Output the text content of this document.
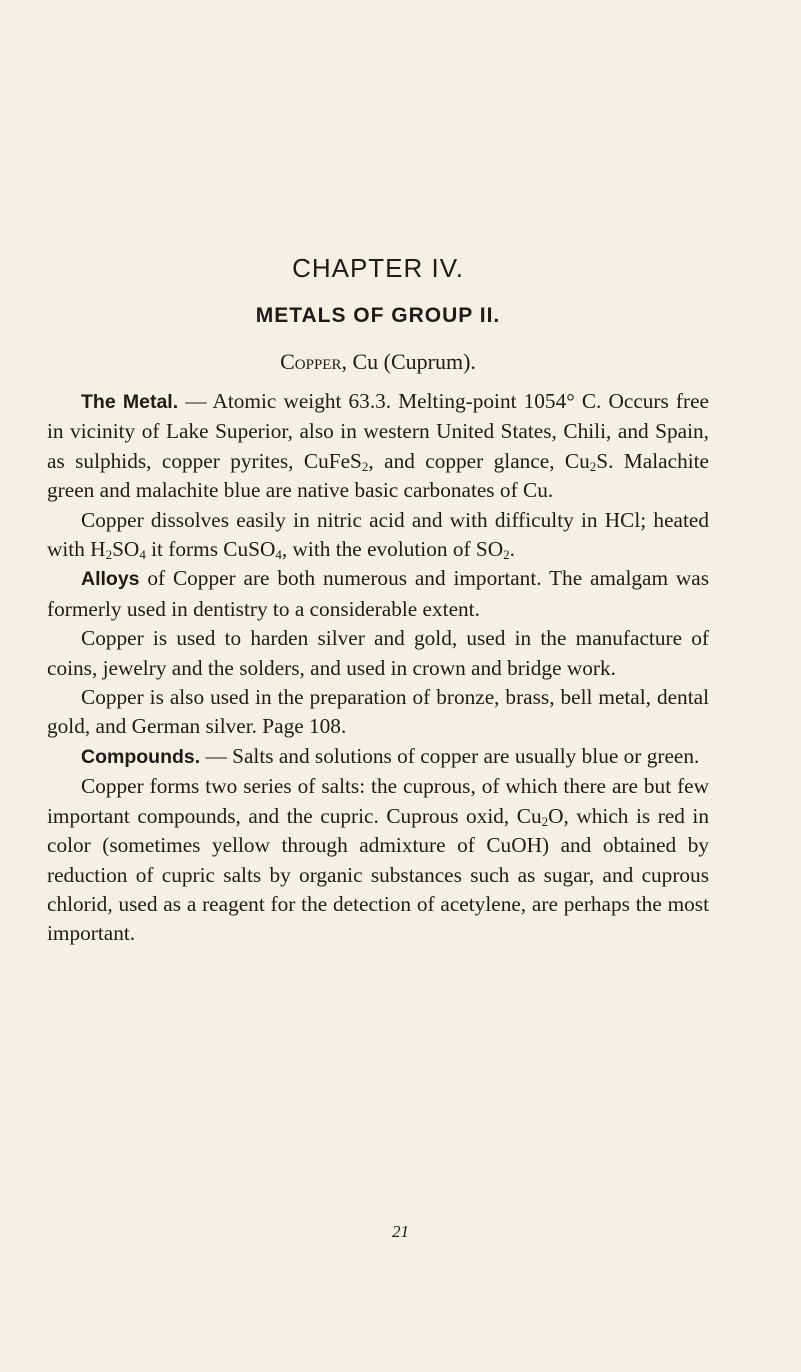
CHAPTER IV.
METALS OF GROUP II.
Copper, Cu (Cuprum).

The Metal. — Atomic weight 63.3. Melting-point 1054° C. Occurs free in vicinity of Lake Superior, also in western United States, Chili, and Spain, as sulphids, copper pyrites, CuFeS$_2$, and copper glance, $Cu_2S$. Malachite green and malachite blue are native basic carbonates of Cu.

Copper dissolves easily in nitric acid and with difficulty in HCl; heated with $H_2SO_4$ it forms CuSO$_4$, with the evolution of $SO_2$.

Alloys of Copper are both numerous and important. The amalgam was formerly used in dentistry to a considerable extent.

Copper is used to harden silver and gold, used in the manufacture of coins, jewelry and the solders, and used in crown and bridge work.

Copper is also used in the preparation of bronze, brass, bell metal, dental gold, and German silver. Page 108.

Compounds. — Salts and solutions of copper are usually blue or green.

Copper forms two series of salts: the cuprous, of which there are but few important compounds, and the cupric. Cuprous oxid, $Cu_2O$, which is red in color (sometimes yellow through admixture of CuOH) and obtained by reduction of cupric salts by organic substances such as sugar, and cuprous chlorid, used as a reagent for the detection of acetylene, are perhaps the most important.

21
